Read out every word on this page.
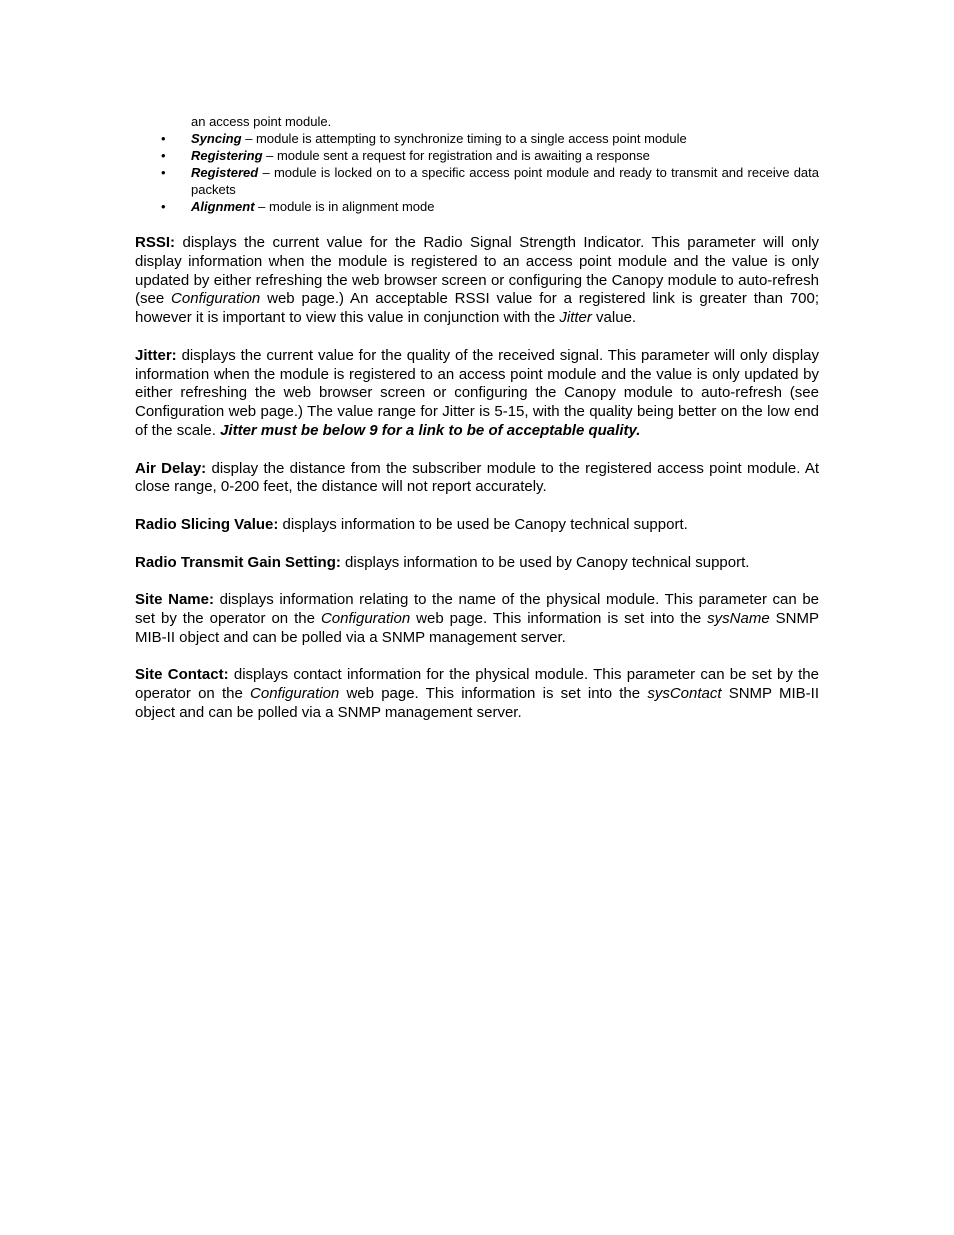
an access point module.

• Syncing – module is attempting to synchronize timing to a single access point module
• Registering – module sent a request for registration and is awaiting a response
• Registered – module is locked on to a specific access point module and ready to transmit and receive data packets
• Alignment – module is in alignment mode

RSSI: displays the current value for the Radio Signal Strength Indicator. This parameter will only display information when the module is registered to an access point module and the value is only updated by either refreshing the web browser screen or configuring the Canopy module to auto-refresh (see Configuration web page.) An acceptable RSSI value for a registered link is greater than 700; however it is important to view this value in conjunction with the Jitter value.

Jitter: displays the current value for the quality of the received signal. This parameter will only display information when the module is registered to an access point module and the value is only updated by either refreshing the web browser screen or configuring the Canopy module to auto-refresh (see Configuration web page.) The value range for Jitter is 5-15, with the quality being better on the low end of the scale. Jitter must be below 9 for a link to be of acceptable quality.

Air Delay: display the distance from the subscriber module to the registered access point module. At close range, 0-200 feet, the distance will not report accurately.

Radio Slicing Value: displays information to be used be Canopy technical support.

Radio Transmit Gain Setting: displays information to be used by Canopy technical support.

Site Name: displays information relating to the name of the physical module. This parameter can be set by the operator on the Configuration web page. This information is set into the sysName SNMP MIB-II object and can be polled via a SNMP management server.

Site Contact: displays contact information for the physical module. This parameter can be set by the operator on the Configuration web page. This information is set into the sysContact SNMP MIB-II object and can be polled via a SNMP management server.
